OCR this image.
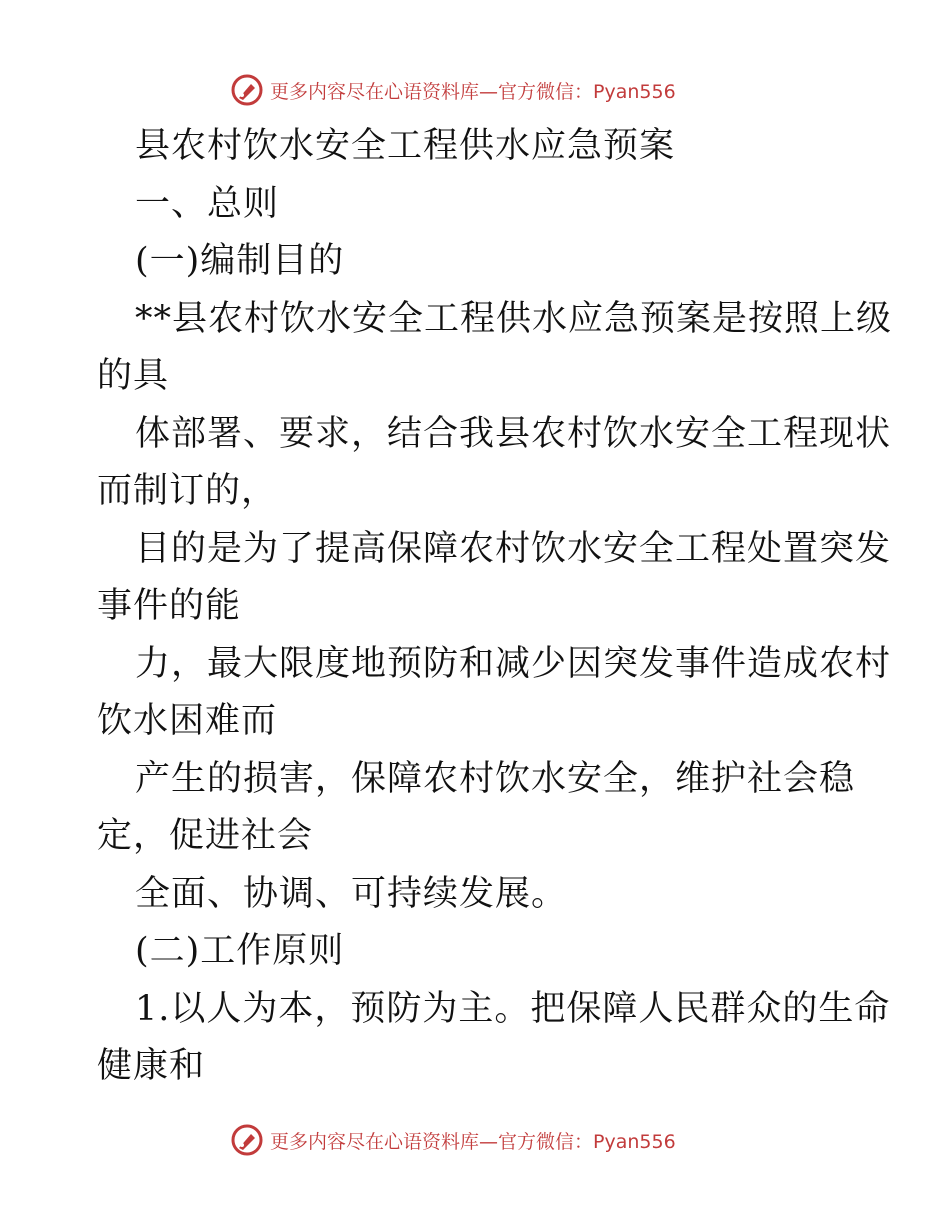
更多内容尽在心语资料库—官方微信：Pyan556
县农村饮水安全工程供水应急预案
一、总则
(一)编制目的
**县农村饮水安全工程供水应急预案是按照上级
的具
体部署、要求，结合我县农村饮水安全工程现状
而制订的，
目的是为了提高保障农村饮水安全工程处置突发
事件的能
力，最大限度地预防和减少因突发事件造成农村
饮水困难而
产生的损害，保障农村饮水安全，维护社会稳
定，促进社会
全面、协调、可持续发展。
(二)工作原则
1.以人为本，预防为主。把保障人民群众的生命
健康和
更多内容尽在心语资料库—官方微信：Pyan556
